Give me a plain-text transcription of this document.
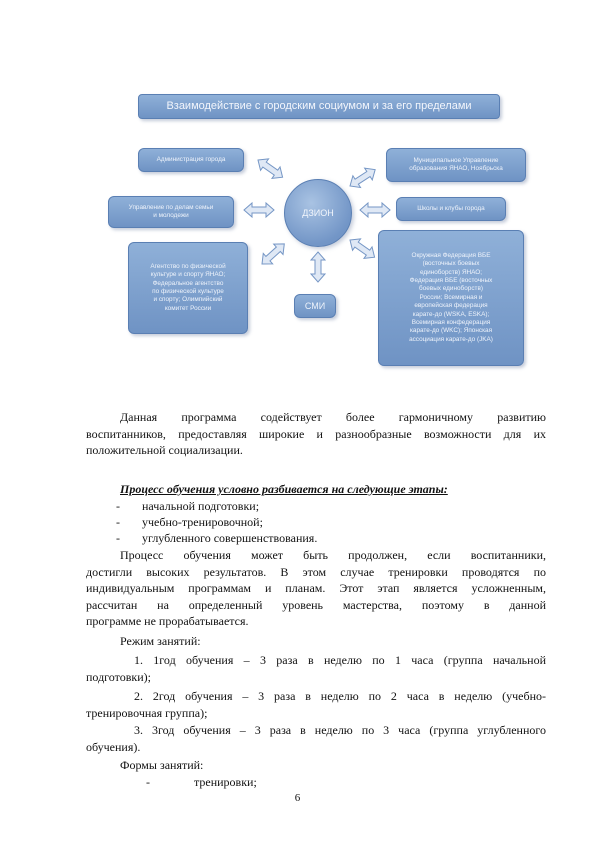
Взаимодействие с городским социумом и за его пределами
Администрация города	Муниципальное Управление
образования ЯНАО, Ноябрьска
Управление по делам семьи
и молодежи
Школы и клубы города
Агентство по физической
культуре и спорту ЯНАО;
Федеральное агентство
по физической культуре
и спорту; Олимпийский
комитет России	СМИ
Окружная Федерация ВБЕ
(восточных боевых
единоборств) ЯНАО;
Федерация ВБЕ (восточных
боевых единоборств)
России; Всемирная и
европейская федерация
карате-до (WSKA, ESKA);
Всемирная конфедерация
карате-до (WKC); Японская
ассоциация карате-до (JKA)
ДЗИОН
Данная программа содействует более гармоничному развитию
воспитанников, предоставляя широкие и разнообразные возможности для их
положительной социализации.
Процесс обучения условно разбивается на следующие этапы:
- начальной подготовки;
- учебно-тренировочной;
- углубленного совершенствования.
Процесс обучения может быть продолжен, если воспитанники,
достигли высоких результатов. В этом случае тренировки проводятся по
индивидуальным программам и планам. Этот этап является усложненным,
рассчитан на определенный уровень мастерства, поэтому в данной
программе не прорабатывается.
Режим занятий:
1. 1год обучения – 3 раза в неделю по 1 часа (группа начальной
подготовки);
2. 2год обучения – 3 раза в неделю по 2 часа в неделю (учебно-
тренировочная группа);
3. 3год обучения – 3 раза в неделю по 3 часа (группа углубленного
обучения).
Формы занятий:
-	тренировки;
6
